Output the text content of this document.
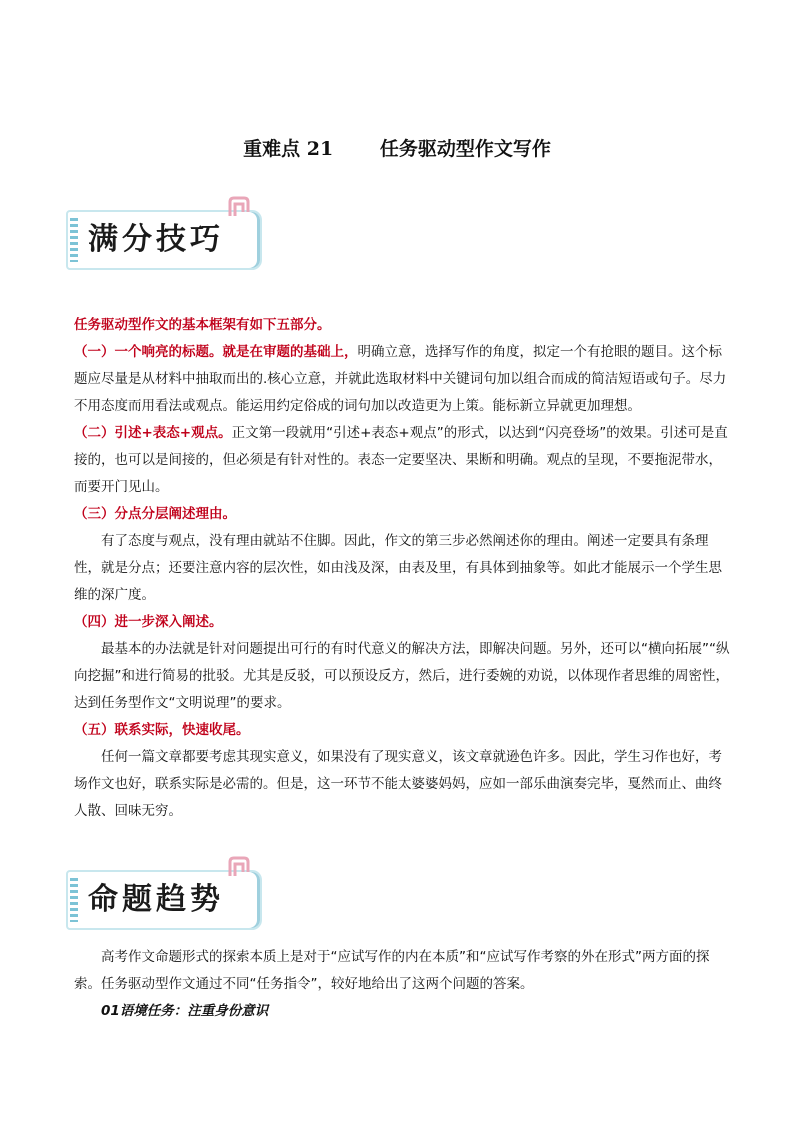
重难点 21 任务驱动型作文写作
满分技巧

任务驱动型作文的基本框架有如下五部分。

（一）一个响亮的标题。就是在审题的基础上，明确立意，选择写作的角度，拟定一个有抢眼的题目。这个标题应尽量是从材料中抽取而出的.核心立意，并就此选取材料中关键词句加以组合而成的简洁短语或句子。尽力不用态度而用看法或观点。能运用约定俗成的词句加以改造更为上策。能标新立异就更加理想。

（二）引述+表态+观点。正文第一段就用“引述+表态+观点”的形式，以达到“闪亮登场”的效果。引述可是直接的，也可以是间接的，但必须是有针对性的。表态一定要坚决、果断和明确。观点的呈现，不要拖泥带水，而要开门见山。

（三）分点分层阐述理由。

有了态度与观点，没有理由就站不住脚。因此，作文的第三步必然阐述你的理由。阐述一定要具有条理性，就是分点；还要注意内容的层次性，如由浅及深，由表及里，有具体到抽象等。如此才能展示一个学生思维的深广度。

（四）进一步深入阐述。

最基本的办法就是针对问题提出可行的有时代意义的解决方法，即解决问题。另外，还可以“横向拓展”“纵向挖掘”和进行简易的批驳。尤其是反驳，可以预设反方，然后，进行委婉的劝说，以体现作者思维的周密性，达到任务型作文“文明说理”的要求。

（五）联系实际，快速收尾。

任何一篇文章都要考虑其现实意义，如果没有了现实意义，该文章就逊色许多。因此，学生习作也好，考场作文也好，联系实际是必需的。但是，这一环节不能太婆婆妈妈，应如一部乐曲演奏完毕，戛然而止、曲终人散、回味无穷。

命题趋势

高考作文命题形式的探索本质上是对于“应试写作的内在本质”和“应试写作考察的外在形式”两方面的探索。任务驱动型作文通过不同“任务指令”，较好地给出了这两个问题的答案。

01语境任务：注重身份意识
